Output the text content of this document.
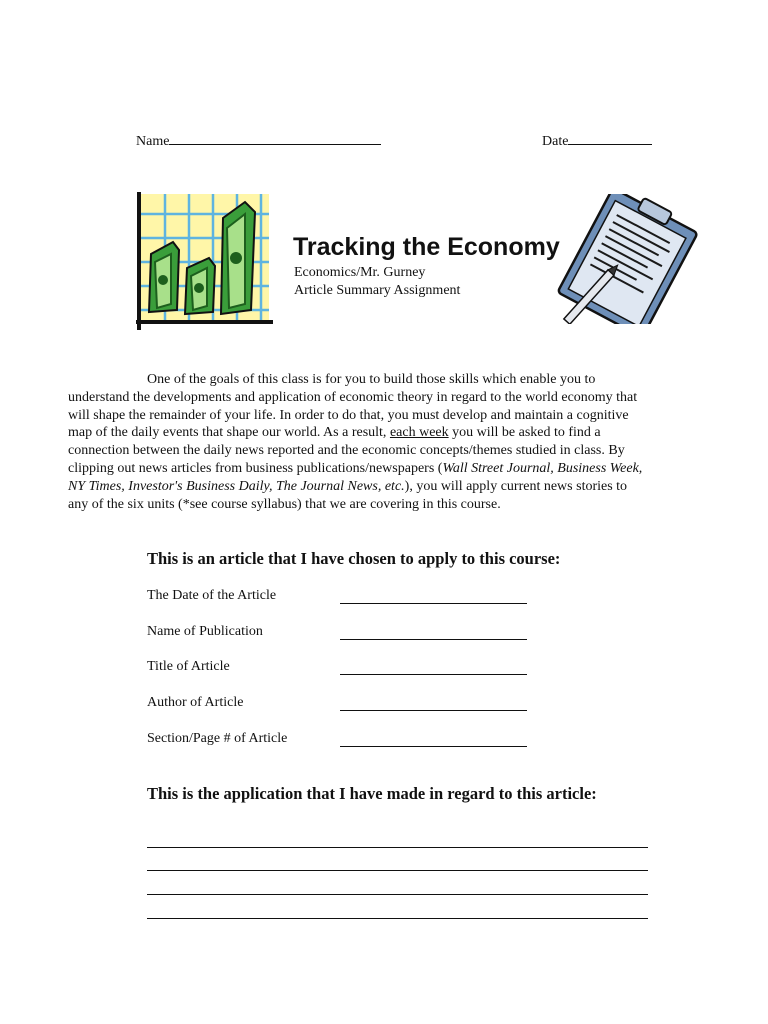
Name	Date
Tracking the Economy
Economics/Mr. Gurney
Article Summary Assignment

One of the goals of this class is for you to build those skills which enable you to understand the developments and application of economic theory in regard to the world economy that will shape the remainder of your life. In order to do that, you must develop and maintain a cognitive map of the daily events that shape our world. As a result, each week you will be asked to find a connection between the daily news reported and the economic concepts/themes studied in class. By clipping out news articles from business publications/newspapers (Wall Street Journal, Business Week, NY Times, Investor's Business Daily, The Journal News, etc.), you will apply current news stories to any of the six units (*see course syllabus) that we are covering in this course.

This is an article that I have chosen to apply to this course:
The Date of the Article
Name of Publication
Title of Article
Author of Article
Section/Page # of Article
This is the application that I have made in regard to this article:
